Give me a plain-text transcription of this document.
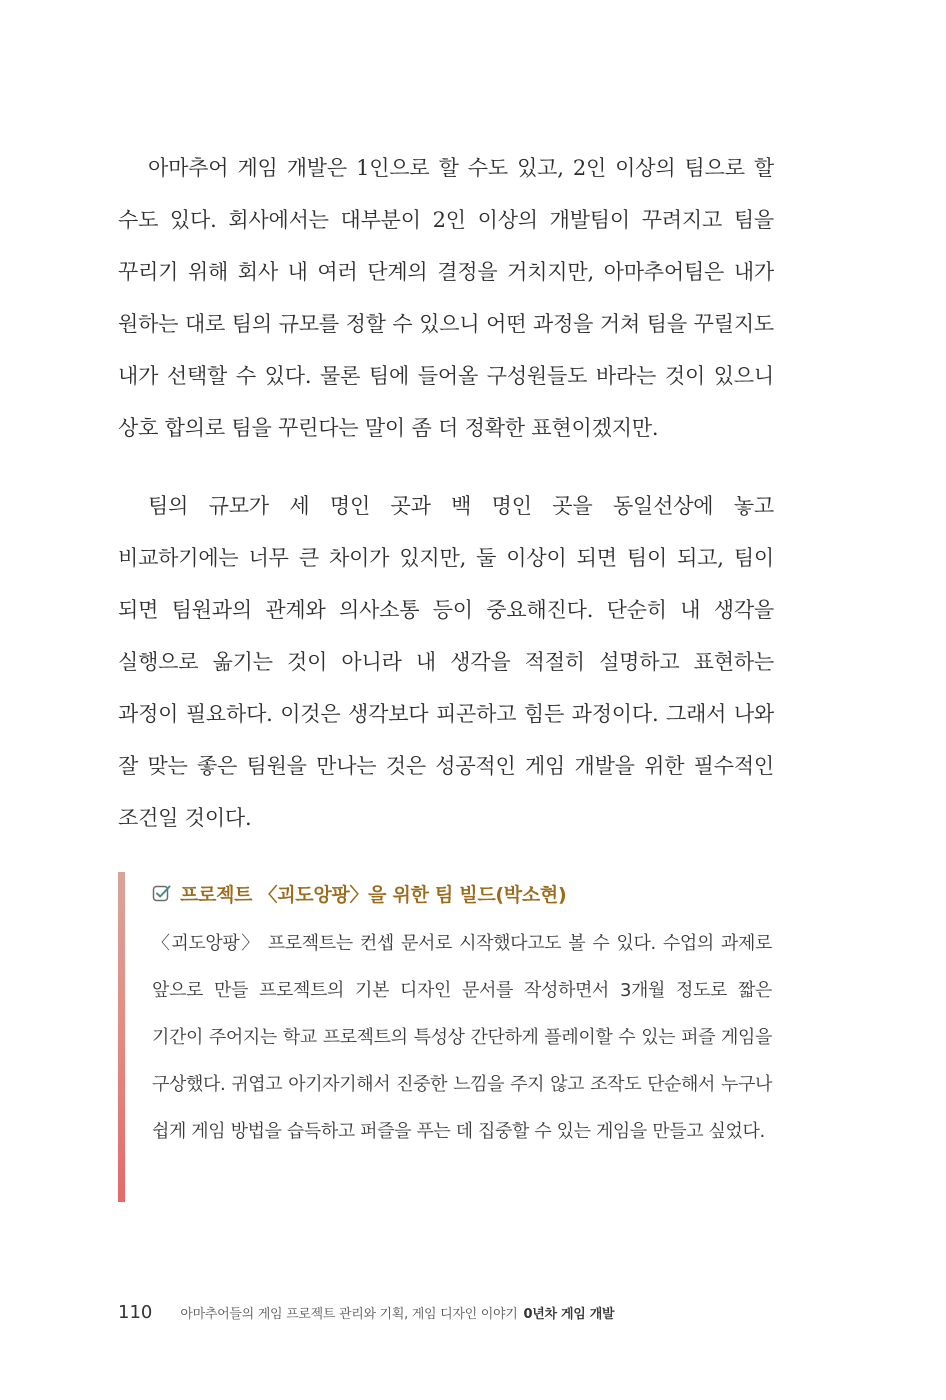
아마추어 게임 개발은 1인으로 할 수도 있고, 2인 이상의 팀으로 할 수도 있다. 회사에서는 대부분이 2인 이상의 개발팀이 꾸려지고 팀을 꾸리기 위해 회사 내 여러 단계의 결정을 거치지만, 아마추어팀은 내가 원하는 대로 팀의 규모를 정할 수 있으니 어떤 과정을 거쳐 팀을 꾸릴지도 내가 선택할 수 있다. 물론 팀에 들어올 구성원들도 바라는 것이 있으니 상호 합의로 팀을 꾸린다는 말이 좀 더 정확한 표현이겠지만.

팀의 규모가 세 명인 곳과 백 명인 곳을 동일선상에 놓고 비교하기에는 너무 큰 차이가 있지만, 둘 이상이 되면 팀이 되고, 팀이 되면 팀원과의 관계와 의사소통 등이 중요해진다. 단순히 내 생각을 실행으로 옮기는 것이 아니라 내 생각을 적절히 설명하고 표현하는 과정이 필요하다. 이것은 생각보다 피곤하고 힘든 과정이다. 그래서 나와 잘 맞는 좋은 팀원을 만나는 것은 성공적인 게임 개발을 위한 필수적인 조건일 것이다.

프로젝트 〈괴도앙팡〉을 위한 팀 빌드(박소현)

〈괴도앙팡〉 프로젝트는 컨셉 문서로 시작했다고도 볼 수 있다. 수업의 과제로 앞으로 만들 프로젝트의 기본 디자인 문서를 작성하면서 3개월 정도로 짧은 기간이 주어지는 학교 프로젝트의 특성상 간단하게 플레이할 수 있는 퍼즐 게임을 구상했다. 귀엽고 아기자기해서 진중한 느낌을 주지 않고 조작도 단순해서 누구나 쉽게 게임 방법을 습득하고 퍼즐을 푸는 데 집중할 수 있는 게임을 만들고 싶었다.

110 아마추어들의 게임 프로젝트 관리와 기획, 게임 디자인 이야기 0년차 게임 개발
